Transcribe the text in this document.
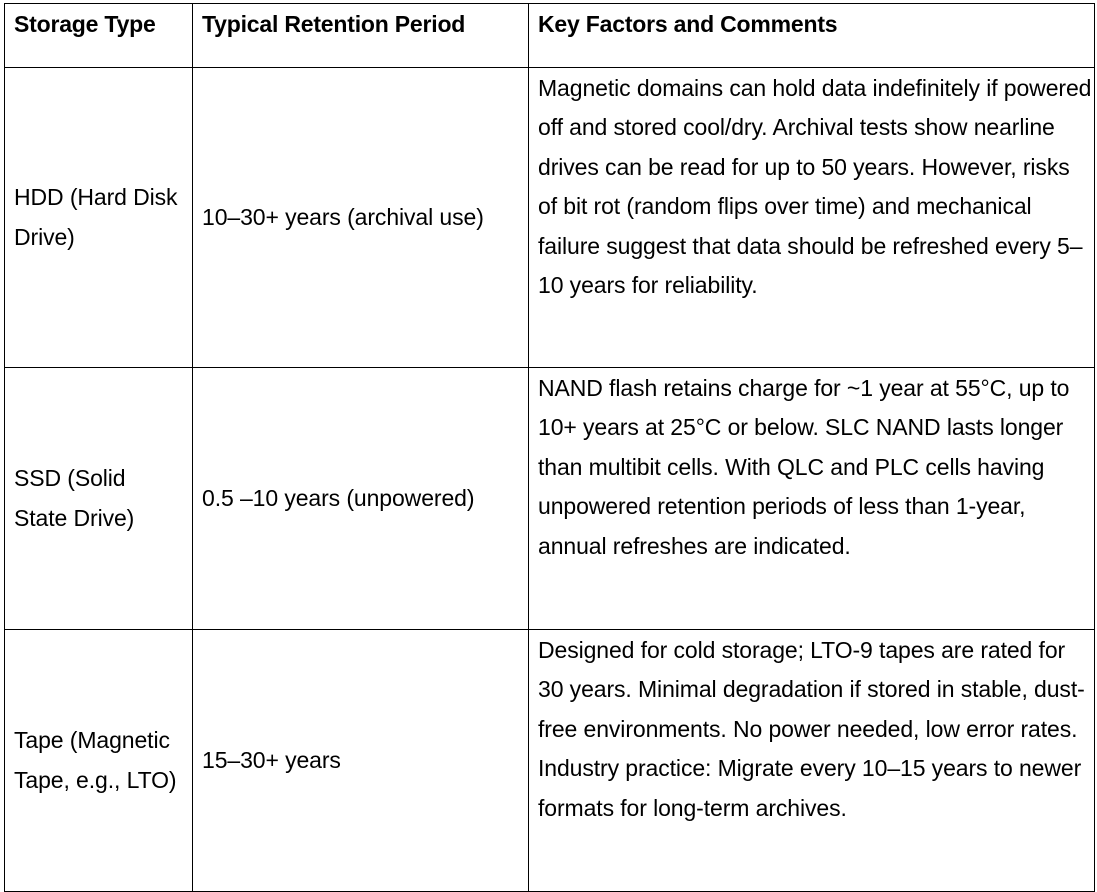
Storage Type	Typical Retention Period	Key Factors and Comments
HDD (Hard Disk Drive)	10–30+ years (archival use)	Magnetic domains can hold data indefinitely if powered off and stored cool/dry. Archival tests show nearline drives can be read for up to 50 years. However, risks of bit rot (random flips over time) and mechanical failure suggest that data should be refreshed every 5–10 years for reliability.
SSD (Solid State Drive)	0.5 –10 years (unpowered)	NAND flash retains charge for ~1 year at 55°C, up to 10+ years at 25°C or below. SLC NAND lasts longer than multibit cells. With QLC and PLC cells having unpowered retention periods of less than 1-year, annual refreshes are indicated.
Tape (Magnetic Tape, e.g., LTO)	15–30+ years	Designed for cold storage; LTO-9 tapes are rated for 30 years. Minimal degradation if stored in stable, dust-free environments. No power needed, low error rates. Industry practice: Migrate every 10–15 years to newer formats for long-term archives.
